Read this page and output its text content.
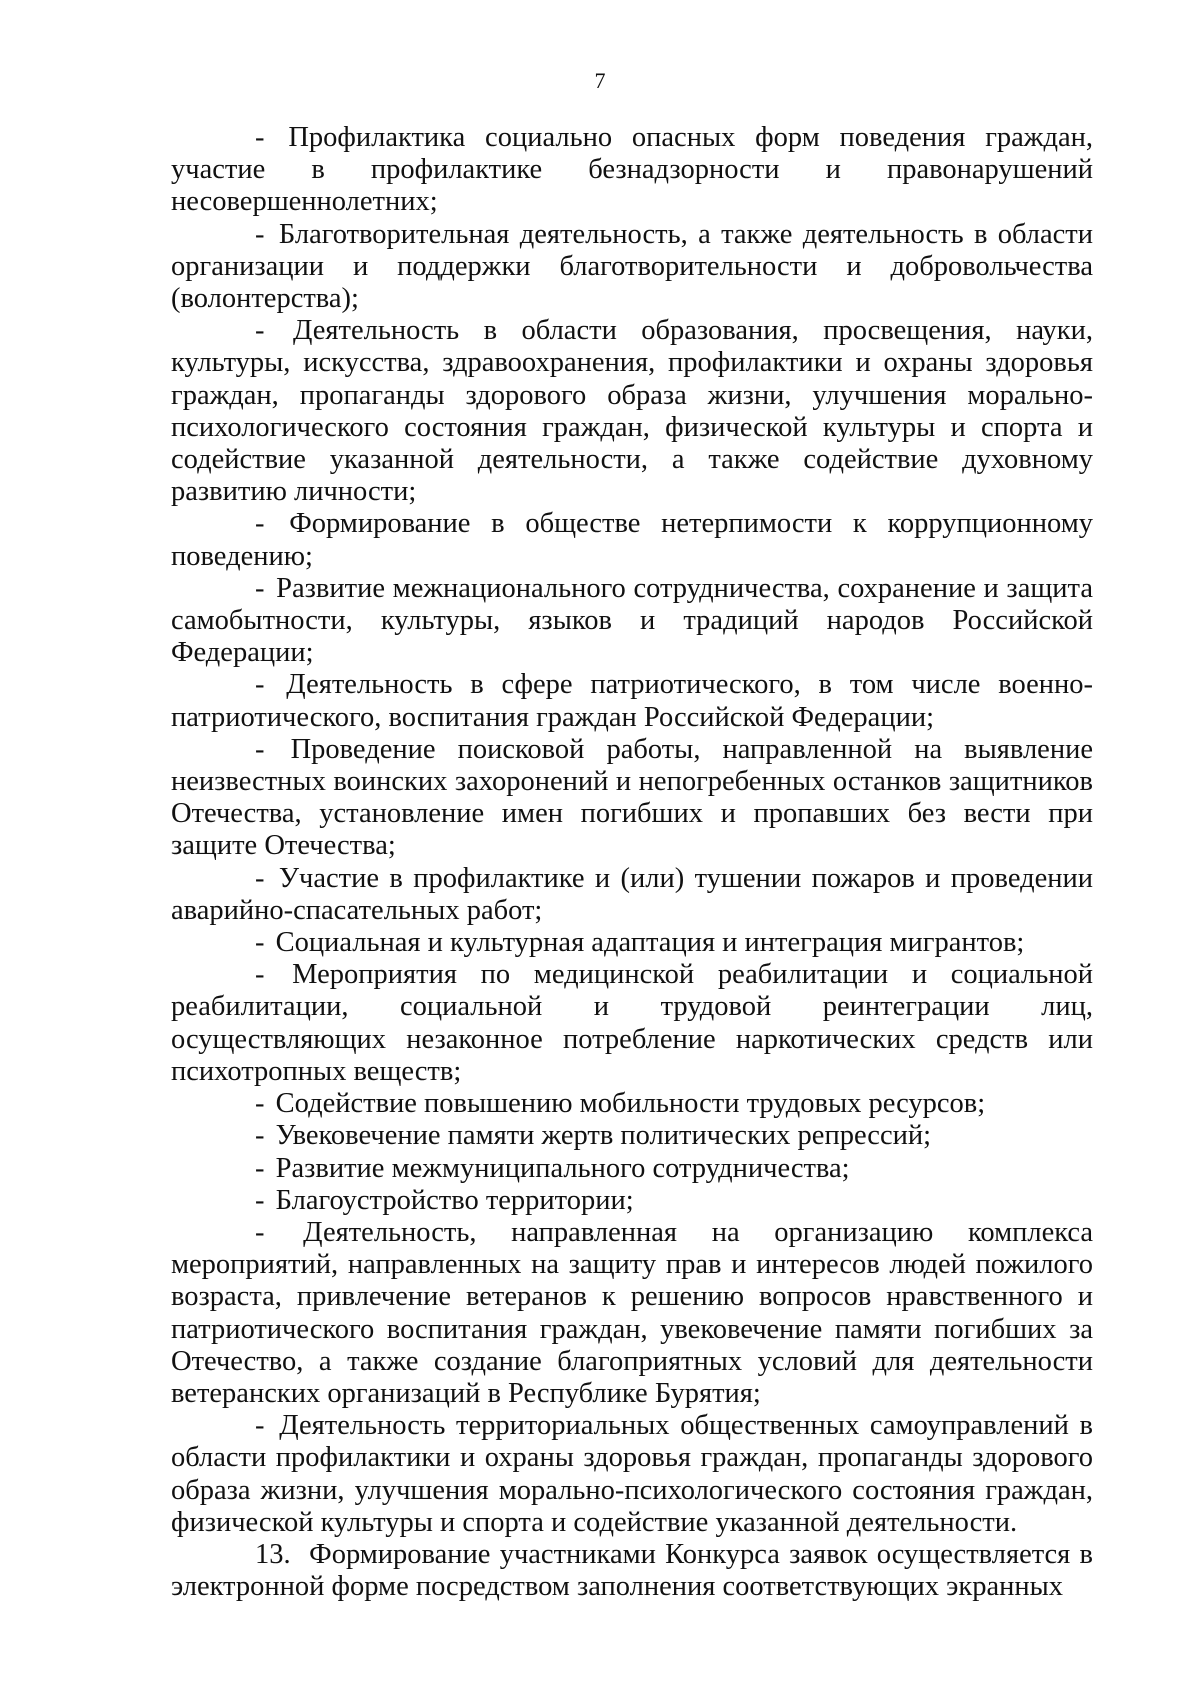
7

- Профилактика социально опасных форм поведения граждан, участие в профилактике безнадзорности и правонарушений несовершеннолетних;

- Благотворительная деятельность, а также деятельность в области организации и поддержки благотворительности и добровольчества (волонтерства);

- Деятельность в области образования, просвещения, науки, культуры, искусства, здравоохранения, профилактики и охраны здоровья граждан, пропаганды здорового образа жизни, улучшения морально-психологического состояния граждан, физической культуры и спорта и содействие указанной деятельности, а также содействие духовному развитию личности;

- Формирование в обществе нетерпимости к коррупционному поведению;

- Развитие межнационального сотрудничества, сохранение и защита самобытности, культуры, языков и традиций народов Российской Федерации;

- Деятельность в сфере патриотического, в том числе военно-патриотического, воспитания граждан Российской Федерации;

- Проведение поисковой работы, направленной на выявление неизвестных воинских захоронений и непогребенных останков защитников Отечества, установление имен погибших и пропавших без вести при защите Отечества;

- Участие в профилактике и (или) тушении пожаров и проведении аварийно-спасательных работ;

- Социальная и культурная адаптация и интеграция мигрантов;

- Мероприятия по медицинской реабилитации и социальной реабилитации, социальной и трудовой реинтеграции лиц, осуществляющих незаконное потребление наркотических средств или психотропных веществ;

- Содействие повышению мобильности трудовых ресурсов;

- Увековечение памяти жертв политических репрессий;

- Развитие межмуниципального сотрудничества;

- Благоустройство территории;

- Деятельность, направленная на организацию комплекса мероприятий, направленных на защиту прав и интересов людей пожилого возраста, привлечение ветеранов к решению вопросов нравственного и патриотического воспитания граждан, увековечение памяти погибших за Отечество, а также создание благоприятных условий для деятельности ветеранских организаций в Республике Бурятия;

- Деятельность территориальных общественных самоуправлений в области профилактики и охраны здоровья граждан, пропаганды здорового образа жизни, улучшения морально-психологического состояния граждан, физической культуры и спорта и содействие указанной деятельности.

13. Формирование участниками Конкурса заявок осуществляется в электронной форме посредством заполнения соответствующих экранных
